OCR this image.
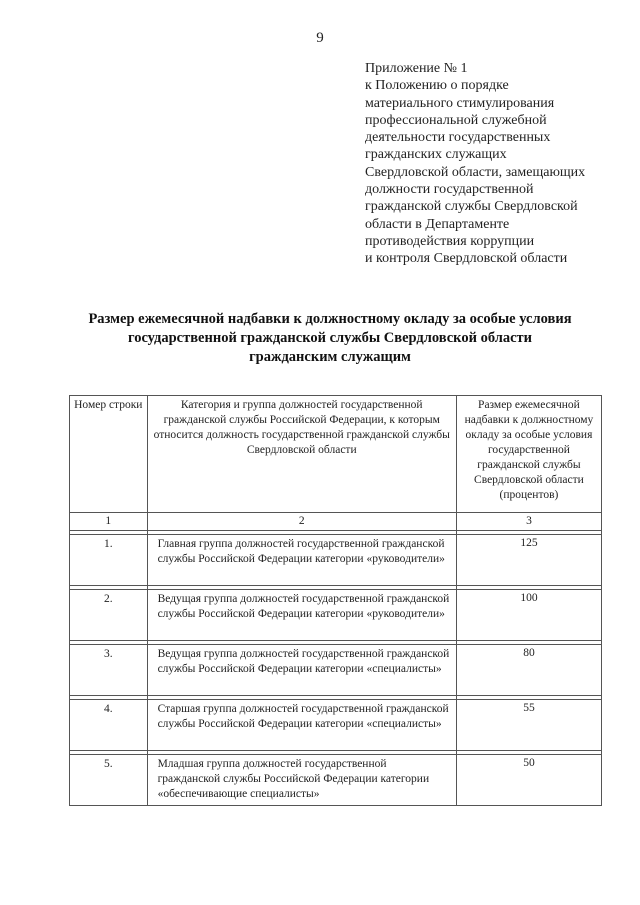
9
Приложение № 1
к Положению о порядке
материального стимулирования
профессиональной служебной
деятельности государственных
гражданских служащих
Свердловской области, замещающих
должности государственной
гражданской службы Свердловской
области в Департаменте
противодействия коррупции
и контроля Свердловской области
Размер ежемесячной надбавки к должностному окладу за особые условия
государственной гражданской службы Свердловской области
гражданским служащим
Номер строки	Категория и группа должностей государственной гражданской службы Российской Федерации, к которым относится должность государственной гражданской службы Свердловской области	Размер ежемесячной надбавки к должностному окладу за особые условия государственной гражданской службы Свердловской области (процентов)
1	2	3

1.	Главная группа должностей государственной гражданской службы Российской Федерации категории «руководители»	125

2.	Ведущая группа должностей государственной гражданской службы Российской Федерации категории «руководители»	100

3.	Ведущая группа должностей государственной гражданской службы Российской Федерации категории «специалисты»	80

4.	Старшая группа должностей государственной гражданской службы Российской Федерации категории «специалисты»	55

5.	Младшая группа должностей государственной гражданской службы Российской Федерации категории «обеспечивающие специалисты»	50
